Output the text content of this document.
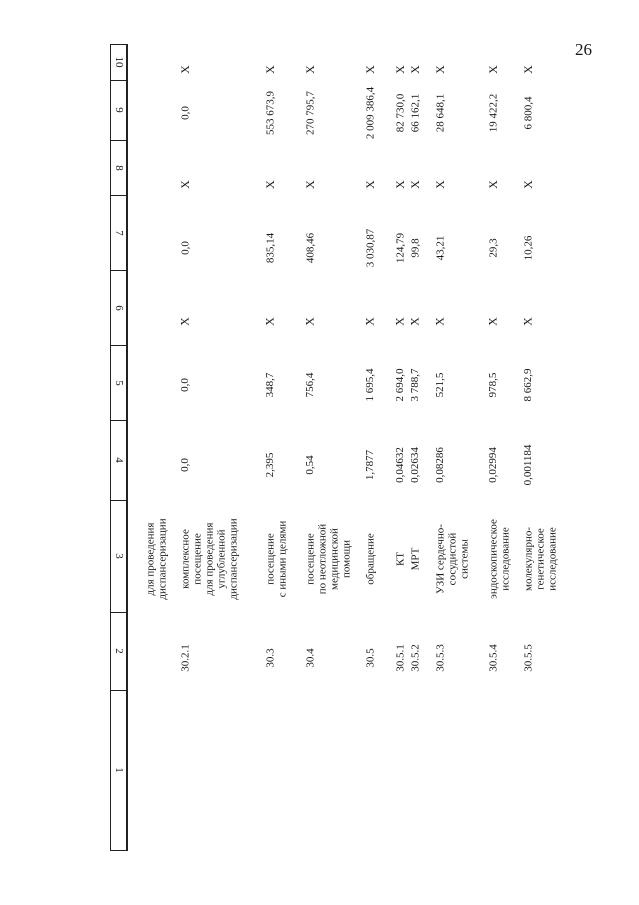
26
1
2
3
4
5
6
7
8
9
10
для проведения диспансеризации
30.2.1
комплексное посещение для проведения углубленной диспансеризации
0,0
0,0
X
0,0
X
0,0
X
30.3
посещение с иными целями
2,395
348,7
X
835,14
X
553 673,9
X
30.4
посещение по неотложной медицинской помощи
0,54
756,4
X
408,46
X
270 795,7
X
30.5
обращение
1,7877
1 695,4
X
3 030,87
X
2 009 386,4
X
30.5.1
КТ
0,04632
2 694,0
X
124,79
X
82 730,0
X
30.5.2
МРТ
0,02634
3 788,7
X
99,8
X
66 162,1
X
30.5.3
УЗИ сердечно- сосудистой системы
0,08286
521,5
X
43,21
X
28 648,1
X
30.5.4
эндоскопическое исследование
0,02994
978,5
X
29,3
X
19 422,2
X
30.5.5
молекулярно- генетическое исследование
0,001184
8 662,9
X
10,26
X
6 800,4
X
